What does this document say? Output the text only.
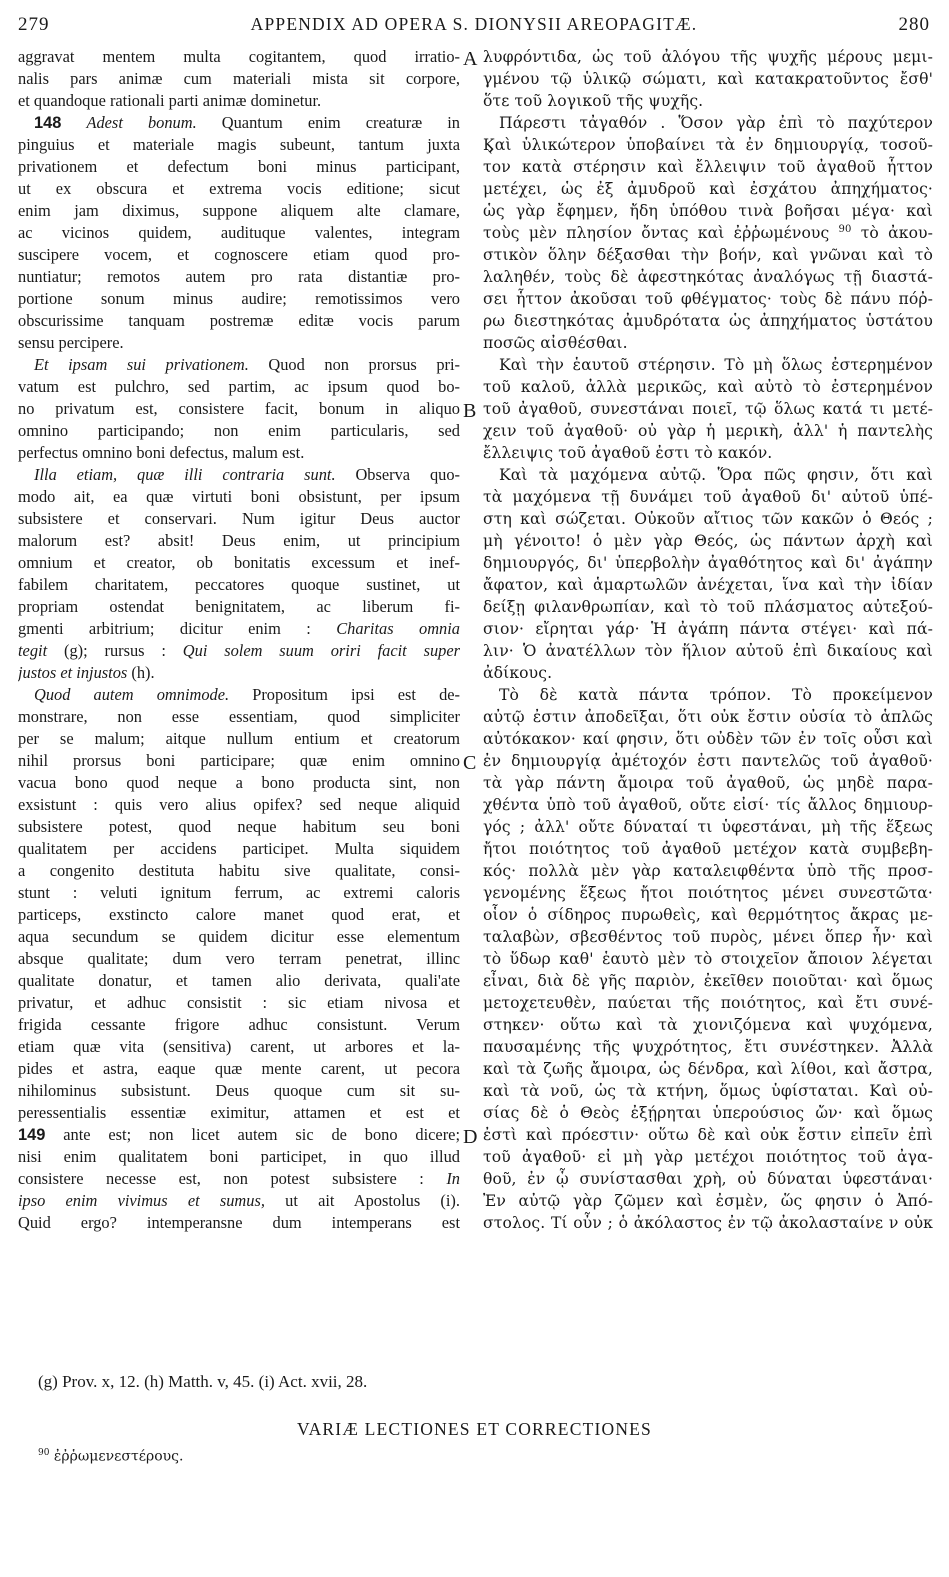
279	APPENDIX AD OPERA S. DIONYSII AREOPAGITÆ.	280
aggravat mentem multa cogitantem, quod irratio-
nalis pars animæ cum materiali mista sit corpore,
et quandoque rationali parti animæ dominetur.
148 Adest bonum. Quantum enim creaturæ in
pinguius et materiale magis subeunt, tantum juxta
privationem et defectum boni minus participant,
ut ex obscura et extrema vocis editione; sicut
enim jam diximus, suppone aliquem alte clamare,
ac vicinos quidem, audituque valentes, integram
suscipere vocem, et cognoscere etiam quod pro-
nuntiatur; remotos autem pro rata distantiæ pro-
portione sonum minus audire; remotissimos vero
obscurissime tanquam postremæ editæ vocis parum
sensu percipere.
Et ipsam sui privationem. Quod non prorsus pri-
vatum est pulchro, sed partim, ac ipsum quod bo-
no privatum est, consistere facit, bonum in aliquo
omnino participando; non enim particularis, sed
perfectus omnino boni defectus, malum est.
Illa etiam, quæ illi contraria sunt. Observa quo-
modo ait, ea quæ virtuti boni obsistunt, per ipsum
subsistere et conservari. Num igitur Deus auctor
malorum est? absit! Deus enim, ut principium
omnium et creator, ob bonitatis excessum et inef-
fabilem charitatem, peccatores quoque sustinet, ut
propriam ostendat benignitatem, ac liberum fi-
gmenti arbitrium; dicitur enim : Charitas omnia
tegit (g); rursus : Qui solem suum oriri facit super
justos et injustos (h).
Quod autem omnimode. Propositum ipsi est de-
monstrare, non esse essentiam, quod simpliciter
per se malum; aitque nullum entium et creatorum
nihil prorsus boni participare; quæ enim omnino
vacua bono quod neque a bono producta sint, non
exsistunt : quis vero alius opifex? sed neque aliquid
subsistere potest, quod neque habitum seu boni
qualitatem per accidens participet. Multa siquidem
a congenito destituta habitu sive qualitate, consi-
stunt : veluti ignitum ferrum, ac extremi caloris
particeps, exstincto calore manet quod erat, et
aqua secundum se quidem dicitur esse elementum
absque qualitate; dum vero terram penetrat, illinc
qualitate donatur, et tamen alio derivata, quali'ate
privatur, et adhuc consistit : sic etiam nivosa et
frigida cessante frigore adhuc consistunt. Verum
etiam quæ vita (sensitiva) carent, ut arbores et la-
pides et astra, eaque quæ mente carent, ut pecora
nihilominus subsistunt. Deus quoque cum sit su-
peressentialis essentiæ eximitur, attamen et est et
149 ante est; non licet autem sic de bono dicere;
nisi enim qualitatem boni participet, in quo illud
consistere necesse est, non potest subsistere : In
ipso enim vivimus et sumus, ut ait Apostolus (i).
Quid ergo? intemperansne dum intemperans est
A
B
C
D
λυφρόντιδα, ὡς τοῦ ἀλόγου τῆς ψυχῆς μέρους μεμι-
γμένου τῷ ὑλικῷ σώματι, καὶ κατακρατοῦντος ἔσθ'
ὅτε τοῦ λογικοῦ τῆς ψυχῆς.
Πάρεστι τἀγαθόν . Ὅσον γὰρ ἐπὶ τὸ παχύτερον
Ϗαὶ ὑλικώτερον ὑποβαίνει τὰ ἐν δημιουργίᾳ, τοσοῦ-
τον κατὰ στέρησιν καὶ ἔλλειψιν τοῦ ἀγαθοῦ ἧττον
μετέχει, ὡς ἐξ ἀμυδροῦ καὶ ἐσχάτου ἀπηχήματος·
ὡς γὰρ ἔφημεν, ἤδη ὑπόθου τινὰ βοῆσαι μέγα· καὶ
τοὺς μὲν πλησίον ὄντας καὶ ἐῤῥωμένους $^{90}$ τὸ ἀκου-
στικὸν ὅλην δέξασθαι τὴν βοήν, καὶ γνῶναι καὶ τὸ
λαληθέν, τοὺς δὲ ἀφεστηκότας ἀναλόγως τῇ διαστά-
σει ἧττον ἀκοῦσαι τοῦ φθέγματος· τοὺς δὲ πάνυ πόῤ-
ρω διεστηκότας ἀμυδρότατα ὡς ἀπηχήματος ὑστάτου
ποσῶς αἰσθέσθαι.
Καὶ τὴν ἑαυτοῦ στέρησιν. Τὸ μὴ ὅλως ἐστερημένον
τοῦ καλοῦ, ἀλλὰ μερικῶς, καὶ αὐτὸ τὸ ἐστερημένον
τοῦ ἀγαθοῦ, συνεστάναι ποιεῖ, τῷ ὅλως κατά τι μετέ-
χειν τοῦ ἀγαθοῦ· οὐ γὰρ ἡ μερικὴ, ἀλλ' ἡ παντελὴς
ἔλλειψις τοῦ ἀγαθοῦ ἐστι τὸ κακόν.
Καὶ τὰ μαχόμενα αὐτῷ. Ὅρα πῶς φησιν, ὅτι καὶ
τὰ μαχόμενα τῇ δυνάμει τοῦ ἀγαθοῦ δι' αὐτοῦ ὑπέ-
στη καὶ σώζεται. Οὐκοῦν αἴτιος τῶν κακῶν ὁ Θεός ;
μὴ γένοιτο! ὁ μὲν γὰρ Θεός, ὡς πάντων ἀρχὴ καὶ
δημιουργός, δι' ὑπερβολὴν ἀγαθότητος καὶ δι' ἀγάπην
ἄφατον, καὶ ἁμαρτωλῶν ἀνέχεται, ἵνα καὶ τὴν ἰδίαν
δείξῃ φιλανθρωπίαν, καὶ τὸ τοῦ πλάσματος αὐτεξού-
σιον· εἴρηται γάρ· Ἡ ἀγάπη πάντα στέγει· καὶ πά-
λιν· Ὁ ἀνατέλλων τὸν ἥλιον αὐτοῦ ἐπὶ δικαίους καὶ
ἀδίκους.
Τὸ δὲ κατὰ πάντα τρόπον. Τὸ προκείμενον
αὐτῷ ἐστιν ἀποδεῖξαι, ὅτι οὐκ ἔστιν οὐσία τὸ ἁπλῶς
αὐτόκακον· καί φησιν, ὅτι οὐδὲν τῶν ἐν τοῖς οὖσι καὶ
ἐν δημιουργίᾳ ἀμέτοχόν ἐστι παντελῶς τοῦ ἀγαθοῦ·
τὰ γὰρ πάντη ἄμοιρα τοῦ ἀγαθοῦ, ὡς μηδὲ παρα-
χθέντα ὑπὸ τοῦ ἀγαθοῦ, οὔτε εἰσί· τίς ἄλλος δημιουρ-
γός ; ἀλλ' οὔτε δύναταί τι ὑφεστάναι, μὴ τῆς ἕξεως
ἤτοι ποιότητος τοῦ ἀγαθοῦ μετέχον κατὰ συμβεβη-
κός· πολλὰ μὲν γὰρ καταλειφθέντα ὑπὸ τῆς προσ-
γενομένης ἕξεως ἤτοι ποιότητος μένει συνεστῶτα·
οἷον ὁ σίδηρος πυρωθεὶς, καὶ θερμότητος ἄκρας με-
ταλαβὼν, σβεσθέντος τοῦ πυρὸς, μένει ὅπερ ἦν· καὶ
τὸ ὕδωρ καθ' ἑαυτὸ μὲν τὸ στοιχεῖον ἄποιον λέγεται
εἶναι, διὰ δὲ γῆς παριὸν, ἐκεῖθεν ποιοῦται· καὶ ὅμως
μετοχετευθὲν, παύεται τῆς ποιότητος, καὶ ἔτι συνέ-
στηκεν· οὕτω καὶ τὰ χιονιζόμενα καὶ ψυχόμενα,
παυσαμένης τῆς ψυχρότητος, ἔτι συνέστηκεν. Ἀλλὰ
καὶ τὰ ζωῆς ἄμοιρα, ὡς δένδρα, καὶ λίθοι, καὶ ἄστρα,
καὶ τὰ νοῦ, ὡς τὰ κτήνη, ὅμως ὑφίσταται. Καὶ οὐ-
σίας δὲ ὁ Θεὸς ἐξῄρηται ὑπερούσιος ὤν· καὶ ὅμως
ἐστὶ καὶ πρόεστιν· οὕτω δὲ καὶ οὐκ ἔστιν εἰπεῖν ἐπὶ
τοῦ ἀγαθοῦ· εἰ μὴ γὰρ μετέχοι ποιότητος τοῦ ἀγα-
θοῦ, ἐν ᾧ συνίστασθαι χρὴ, οὐ δύναται ὑφεστάναι·
Ἐν αὐτῷ γὰρ ζῶμεν καὶ ἐσμὲν, ὥς φησιν ὁ Ἀπό-
στολος. Τί οὖν ; ὁ ἀκόλαστος ἐν τῷ ἀκολασταίνε ν οὐκ
(g) Prov. x, 12. (h) Matth. v, 45. (i) Act. xvii, 28.
VARIÆ LECTIONES ET CORRECTIONES
$^{90}$ ἐῤῥωμενεστέρους.
